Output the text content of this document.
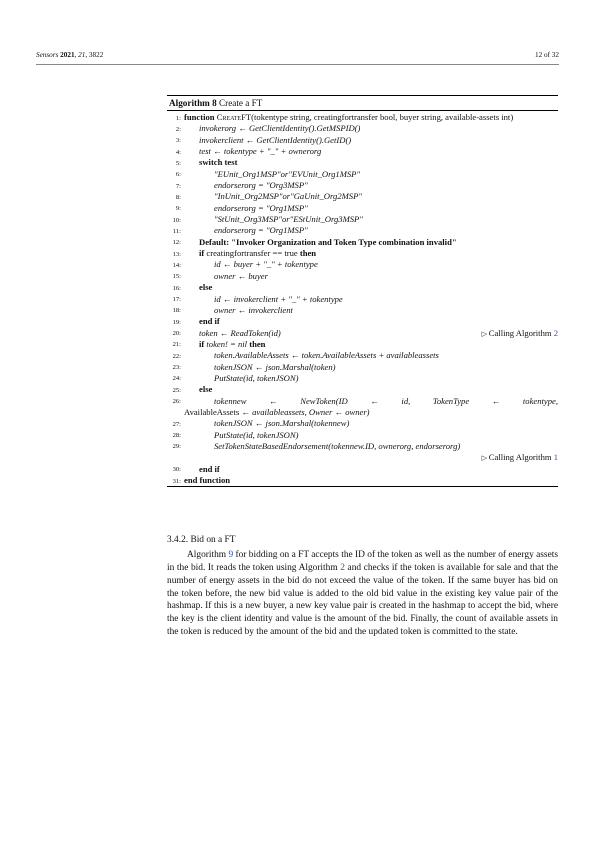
Sensors 2021, 21, 3822	12 of 32
Algorithm 8 Create a FT
1: function CreateFT(tokentype string, creatingfortransfer bool, buyer string, available-assets int)
2:	invokerorg ← GetClientIdentity().GetMSPID()
3:	invokerclient ← GetClientIdentity().GetID()
4:	test ← tokentype + "_" + ownerorg
5:	switch test
6:	"EUnit_Org1MSP"or"EVUnit_Org1MSP"
7:	endorserorg = "Org3MSP"
8:	"InUnit_Org2MSP"or"GaUnit_Org2MSP"
9:	endorserorg = "Org1MSP"
10:	"StUnit_Org3MSP"or"EStUnit_Org3MSP"
11:	endorserorg = "Org1MSP"
12:	Default: "Invoker Organization and Token Type combination invalid"
13:	if creatingfortransfer == true then
14:	id ← buyer + "_" + tokentype
15:	owner ← buyer
16:	else
17:	id ← invokerclient + "_" + tokentype
18:	owner ← invokerclient
19:	end if
20:	token ← ReadToken(id)	▷ Calling Algorithm 2
21:	if token! = nil then
22:	token.AvailableAssets ← token.AvailableAssets + availableassets
23:	tokenJSON ← json.Marshal(token)
24:	PutState(id, tokenJSON)
25:	else
26:	tokennew ← NewToken(ID ← id, TokenType ← tokentype,
AvailableAssets ← availableassets, Owner ← owner)
27:	tokenJSON ← json.Marshal(tokennew)
28:	PutState(id, tokenJSON)
29:	SetTokenStateBasedEndorsement(tokennew.ID, ownerorg, endorserorg)
▷ Calling Algorithm 1
30:	end if
31: end function
3.4.2. Bid on a FT
Algorithm 9 for bidding on a FT accepts the ID of the token as well as the number of energy assets in the bid. It reads the token using Algorithm 2 and checks if the token is available for sale and that the number of energy assets in the bid do not exceed the value of the token. If the same buyer has bid on the token before, the new bid value is added to the old bid value in the existing key value pair of the hashmap. If this is a new buyer, a new key value pair is created in the hashmap to accept the bid, where the key is the client identity and value is the amount of the bid. Finally, the count of available assets in the token is reduced by the amount of the bid and the updated token is committed to the state.
